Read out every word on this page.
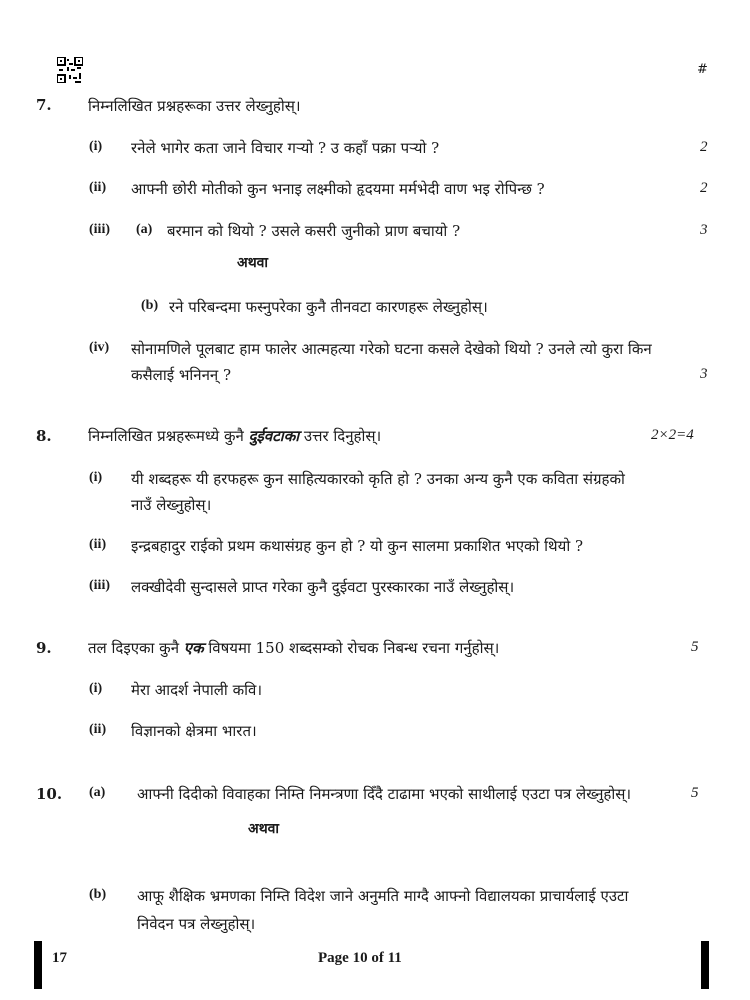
#
7. निम्नलिखित प्रश्नहरूका उत्तर लेख्नुहोस्।
(i) रनेले भागेर कता जाने विचार गऱ्यो ? उ कहाँ पक्रा पऱ्यो ?	2
(ii) आफ्नी छोरी मोतीको कुन भनाइ लक्ष्मीको हृदयमा मर्मभेदी वाण भइ रोपिन्छ ?	2
(iii) (a) बरमान को थियो ? उसले कसरी जुनीको प्राण बचायो ?	3
अथवा
(b) रने परिबन्दमा फस्नुपरेका कुनै तीनवटा कारणहरू लेख्नुहोस्।
(iv) सोनामणिले पूलबाट हाम फालेर आत्महत्या गरेको घटना कसले देखेको थियो ? उनले त्यो कुरा किन
कसैलाई भनिनन् ?	3
8. निम्नलिखित प्रश्नहरूमध्ये कुनै दुईवटाका उत्तर दिनुहोस्।	2×2=4
(i) यी शब्दहरू यी हरफहरू कुन साहित्यकारको कृति हो ? उनका अन्य कुनै एक कविता संग्रहको
नाउँ लेख्नुहोस्।
(ii) इन्द्रबहादुर राईको प्रथम कथासंग्रह कुन हो ? यो कुन सालमा प्रकाशित भएको थियो ?
(iii) लक्खीदेवी सुन्दासले प्राप्त गरेका कुनै दुईवटा पुरस्कारका नाउँ लेख्नुहोस्।
9. तल दिइएका कुनै एक विषयमा 150 शब्दसम्को रोचक निबन्ध रचना गर्नुहोस्।	5
(i) मेरा आदर्श नेपाली कवि।
(ii) विज्ञानको क्षेत्रमा भारत।
10. (a) आफ्नी दिदीको विवाहका निम्ति निमन्त्रणा दिँदै टाढामा भएको साथीलाई एउटा पत्र लेख्नुहोस्।	5
अथवा
(b) आफू शैक्षिक भ्रमणका निम्ति विदेश जाने अनुमति माग्दै आफ्नो विद्यालयका प्राचार्यलाई एउटा
निवेदन पत्र लेख्नुहोस्।
17	Page 10 of 11
